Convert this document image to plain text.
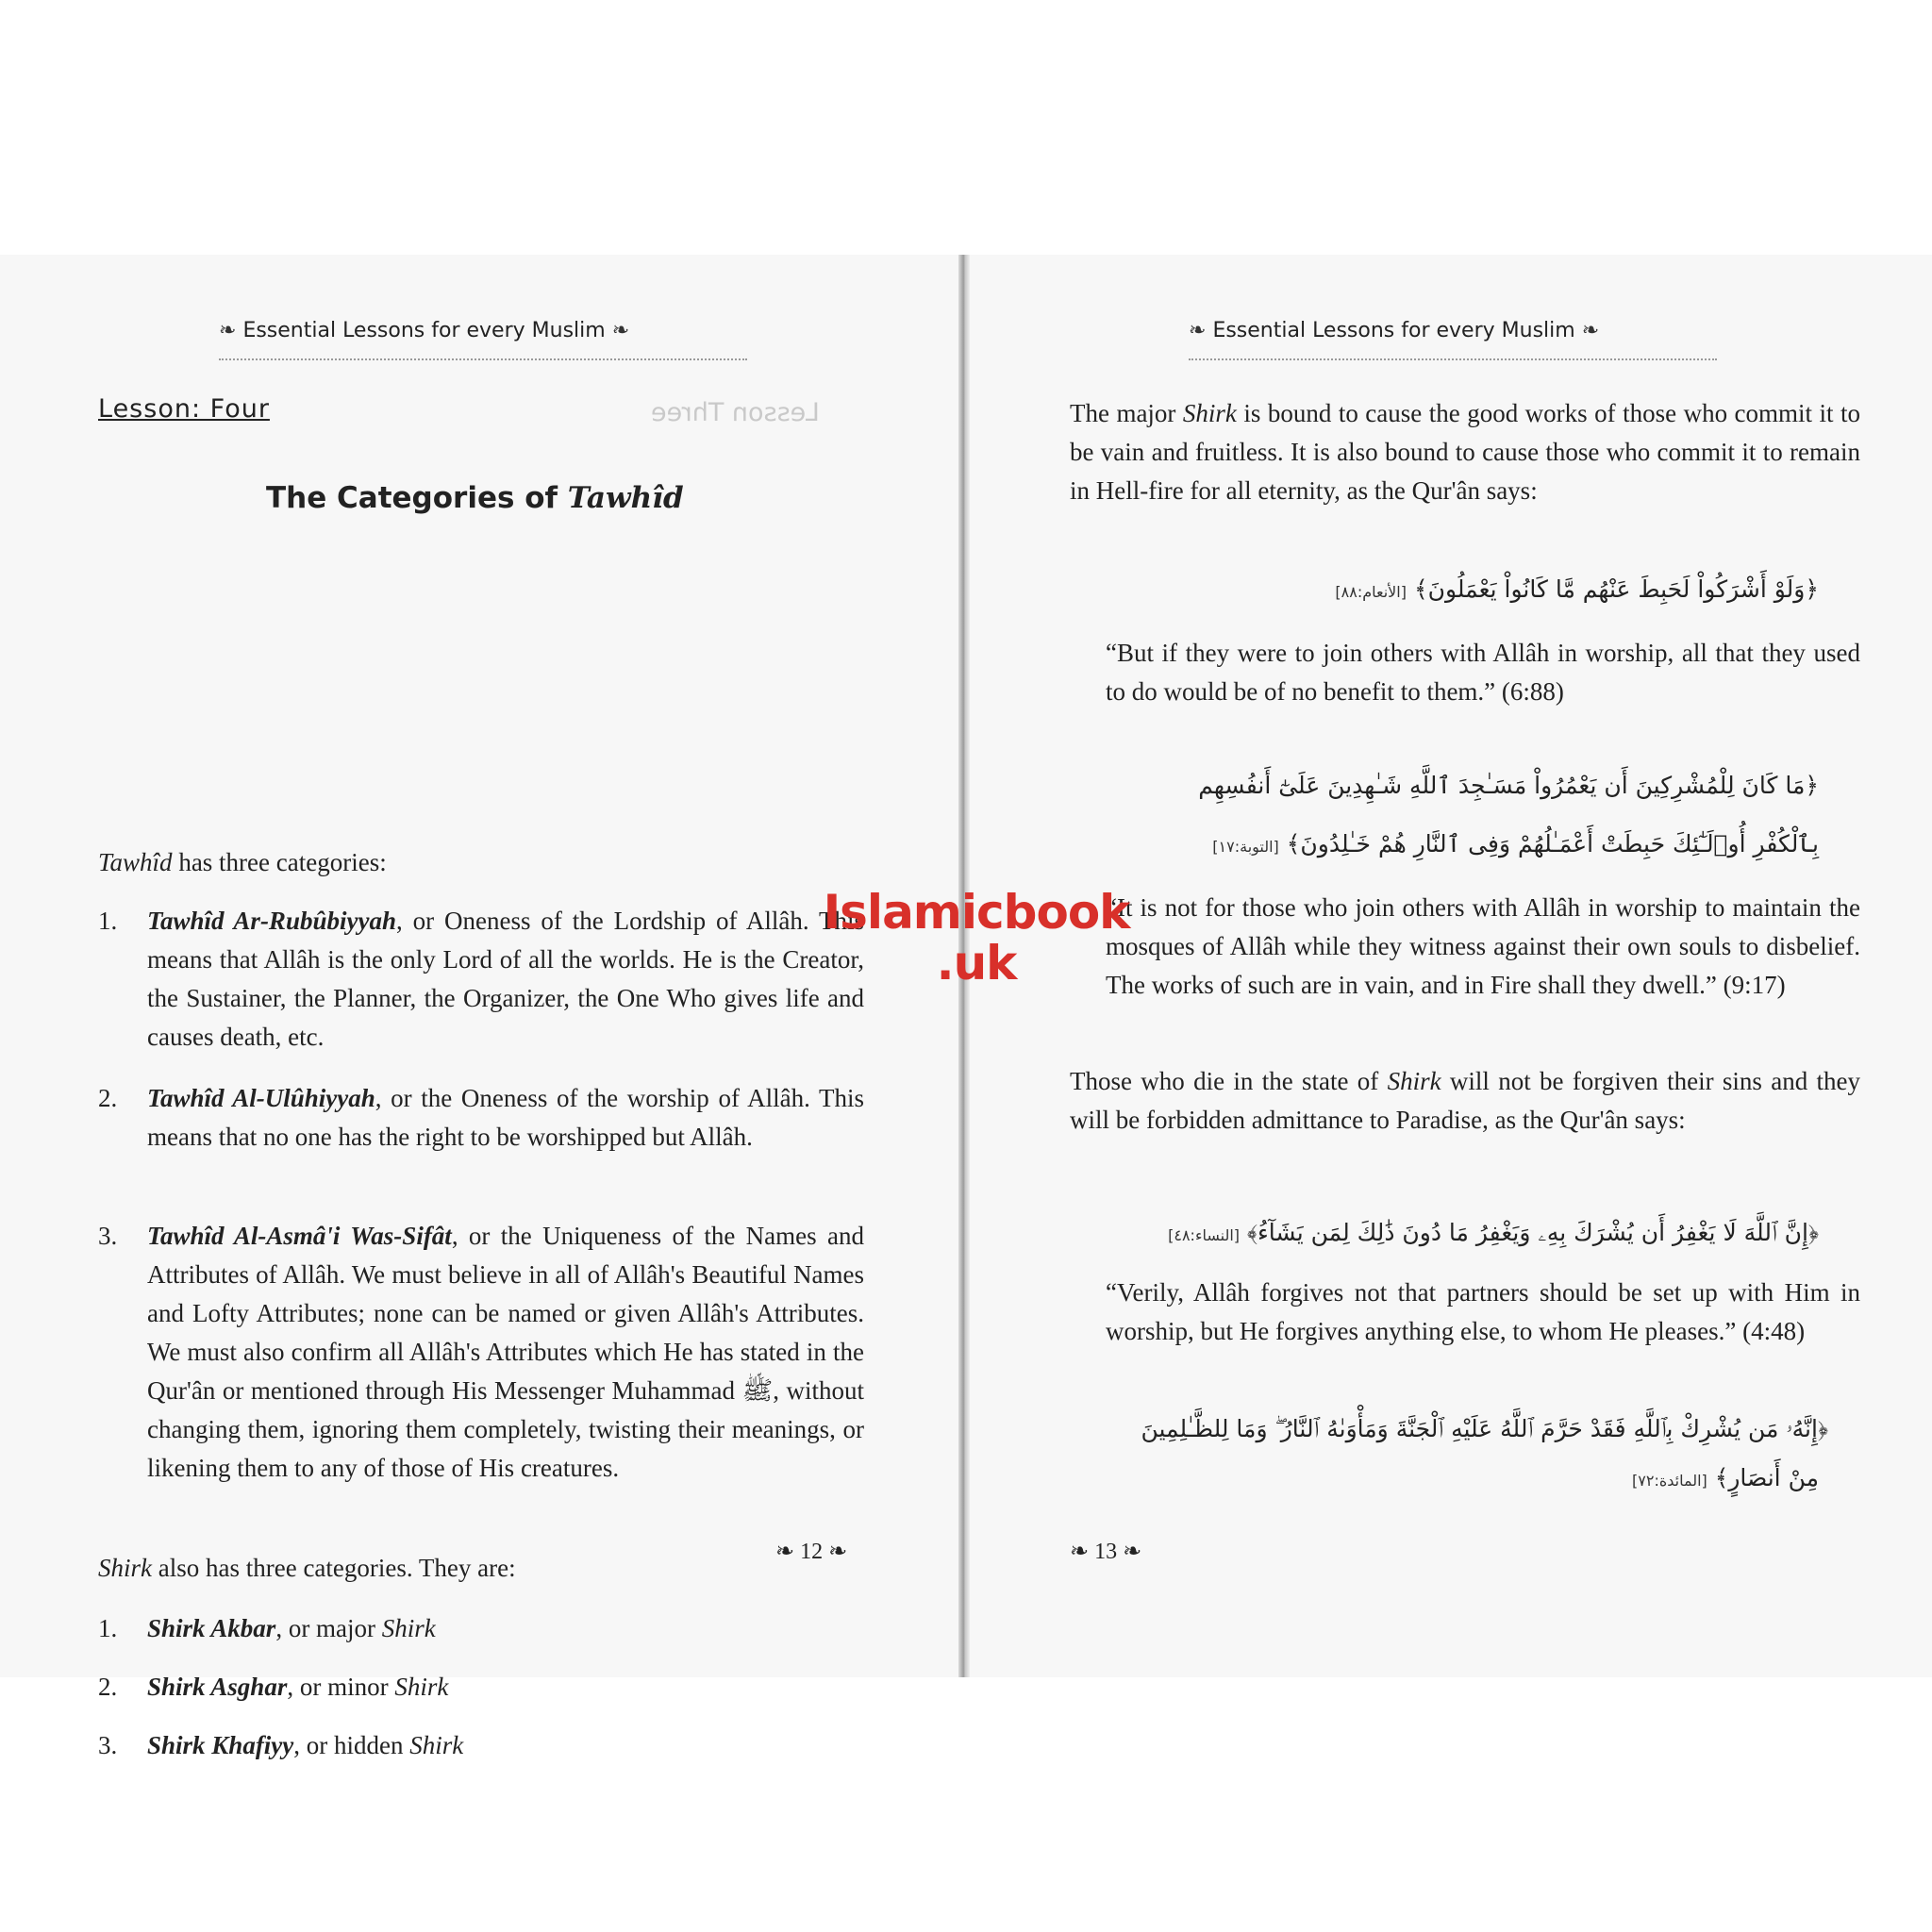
Lesson Three
❧ Essential Lessons for every Muslim ❧
Lesson: Four
The Categories of Tawhîd
Tawhîd has three categories:
1. Tawhîd Ar-Rubûbiyyah, or Oneness of the Lordship of Allâh. This means that Allâh is the only Lord of all the worlds. He is the Creator, the Sustainer, the Planner, the Organizer, the One Who gives life and causes death, etc.
2. Tawhîd Al-Ulûhiyyah, or the Oneness of the worship of Allâh. This means that no one has the right to be worshipped but Allâh.
3. Tawhîd Al-Asmâ'i Was-Sifât, or the Uniqueness of the Names and Attributes of Allâh. We must believe in all of Allâh's Beautiful Names and Lofty Attributes; none can be named or given Allâh's Attributes. We must also confirm all Allâh's Attributes which He has stated in the Qur'ân or mentioned through His Messenger Muhammad ﷺ, without changing them, ignoring them completely, twisting their meanings, or likening them to any of those of His creatures.
Shirk also has three categories. They are:
1. Shirk Akbar, or major Shirk
2. Shirk Asghar, or minor Shirk
3. Shirk Khafiyy, or hidden Shirk
❧ 12 ❧
❧ Essential Lessons for every Muslim ❧
The major Shirk is bound to cause the good works of those who commit it to be vain and fruitless. It is also bound to cause those who commit it to remain in Hell-fire for all eternity, as the Qur'ân says:
﴿وَلَوْ أَشْرَكُواْ لَحَبِطَ عَنْهُم مَّا كَانُواْ يَعْمَلُونَ﴾ [الأنعام:٨٨]
“But if they were to join others with Allâh in worship, all that they used to do would be of no benefit to them.” (6:88)
﴿مَا كَانَ لِلْمُشْرِكِينَ أَن يَعْمُرُواْ مَسَـٰجِدَ ٱللَّهِ شَـٰهِدِينَ عَلَىٰٓ أَنفُسِهِم
بِٱلْكُفْرِ أُو۟لَـٰٓئِكَ حَبِطَتْ أَعْمَـٰلُهُمْ وَفِى ٱلنَّارِ هُمْ خَـٰلِدُونَ﴾ [التوبة:١٧]
“It is not for those who join others with Allâh in worship to maintain the mosques of Allâh while they witness against their own souls to disbelief. The works of such are in vain, and in Fire shall they dwell.” (9:17)
Those who die in the state of Shirk will not be forgiven their sins and they will be forbidden admittance to Paradise, as the Qur'ân says:
﴿إِنَّ ٱللَّهَ لَا يَغْفِرُ أَن يُشْرَكَ بِهِۦ وَيَغْفِرُ مَا دُونَ ذَٰلِكَ لِمَن يَشَآءُ﴾ [النساء:٤٨]
“Verily, Allâh forgives not that partners should be set up with Him in worship, but He forgives anything else, to whom He pleases.” (4:48)
﴿إِنَّهُۥ مَن يُشْرِكْ بِٱللَّهِ فَقَدْ حَرَّمَ ٱللَّهُ عَلَيْهِ ٱلْجَنَّةَ وَمَأْوَىٰهُ ٱلنَّارُ ۖ وَمَا لِلظَّـٰلِمِينَ
مِنْ أَنصَارٍ﴾ [المائدة:٧٢]
❧ 13 ❧
Islamicbook
.uk
